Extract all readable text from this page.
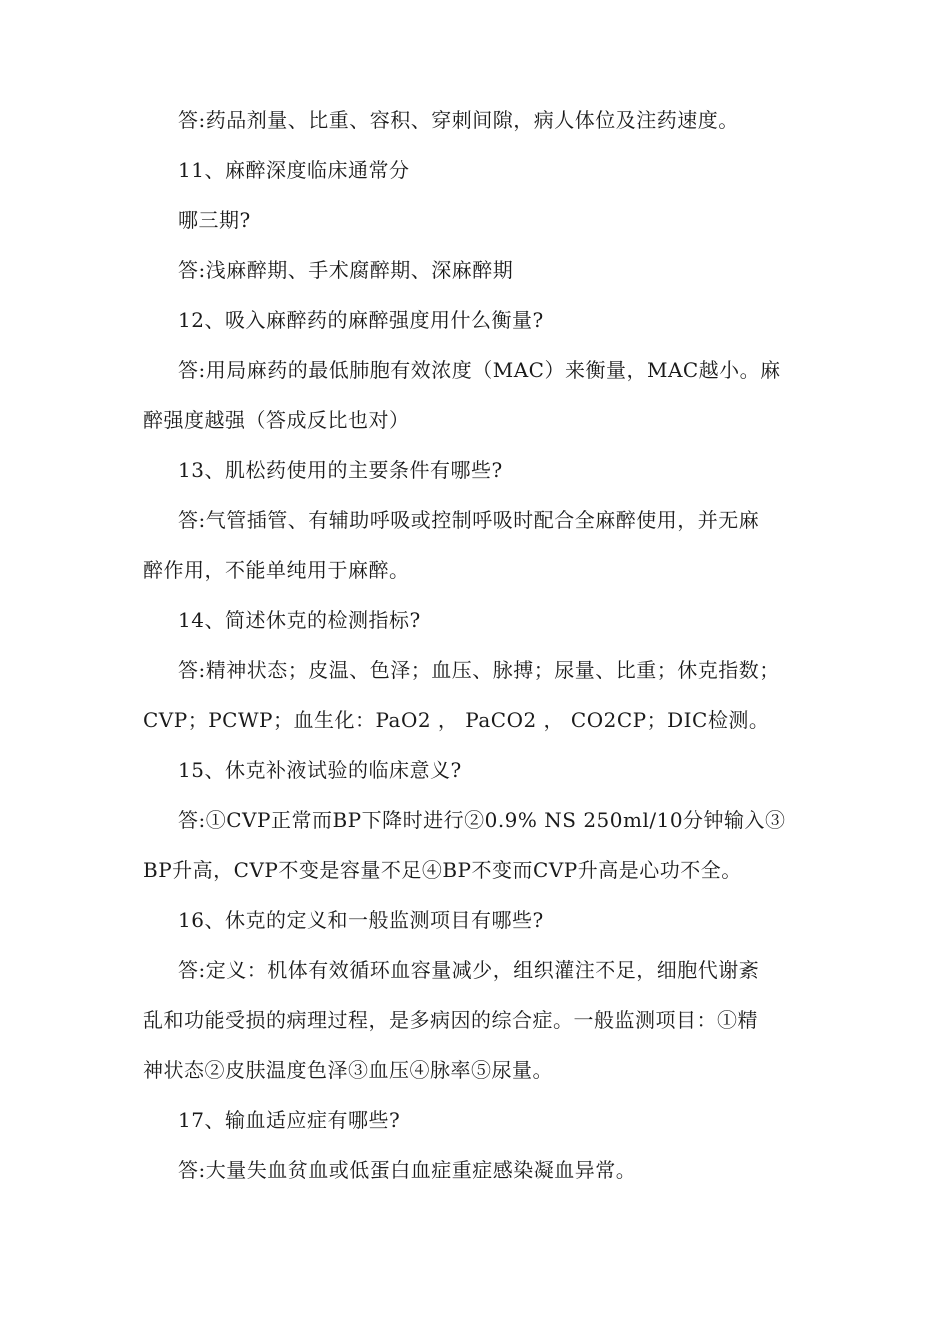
答:药品剂量、比重、容积、穿刺间隙，病人体位及注药速度。
11、麻醉深度临床通常分
哪三期?
答:浅麻醉期、手术腐醉期、深麻醉期
12、吸入麻醉药的麻醉强度用什么衡量?
答:用局麻药的最低肺胞有效浓度（MAC）来衡量，MAC越小。麻
醉强度越强（答成反比也对）
13、肌松药使用的主要条件有哪些?
答:气管插管、有辅助呼吸或控制呼吸时配合全麻醉使用，并无麻
醉作用，不能单纯用于麻醉。
14、简述休克的检测指标?
答:精神状态；皮温、色泽；血压、脉搏；尿量、比重；休克指数；
CVP；PCWP；血生化：PaO2 ， PaCO2 ， CO2CP；DIC检测。
15、休克补液试验的临床意义?
答:①CVP正常而BP下降时进行②0.9% NS 250ml/10分钟输入③
BP升高，CVP不变是容量不足④BP不变而CVP升高是心功不全。
16、休克的定义和一般监测项目有哪些?
答:定义：机体有效循环血容量减少，组织灌注不足，细胞代谢紊
乱和功能受损的病理过程，是多病因的综合症。一般监测项目：①精
神状态②皮肤温度色泽③血压④脉率⑤尿量。
17、输血适应症有哪些?
答:大量失血贫血或低蛋白血症重症感染凝血异常。
